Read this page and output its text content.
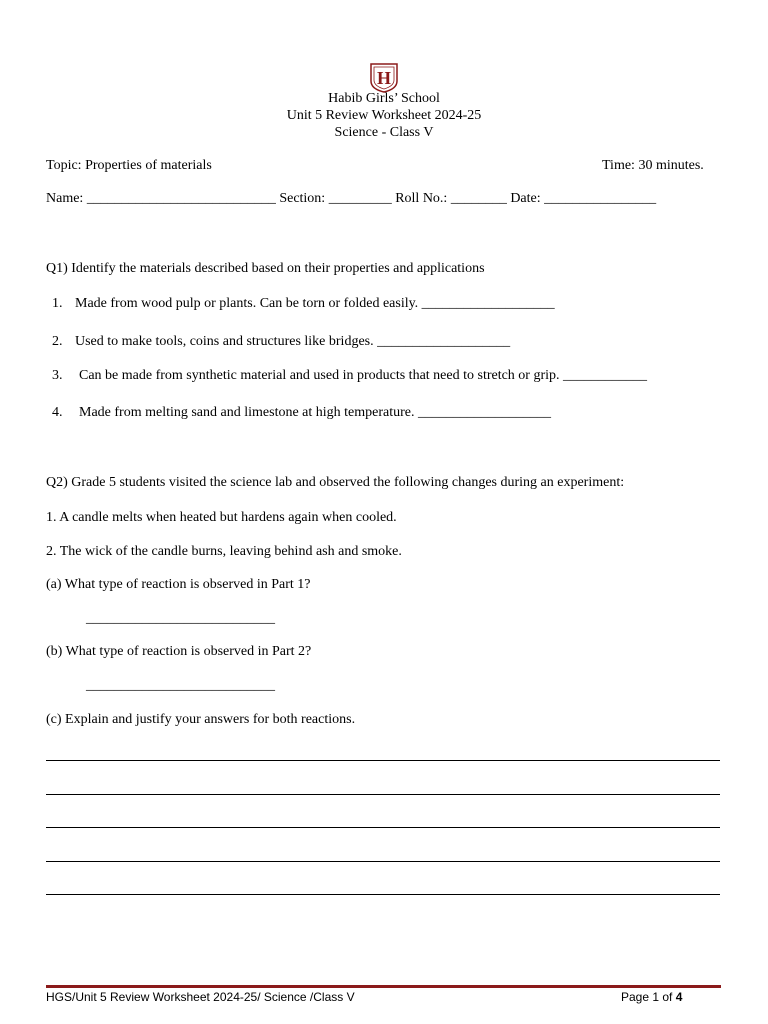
H
Habib Girls’ School
Unit 5 Review Worksheet 2024-25
Science - Class V
Topic: Properties of materials	Time: 30 minutes.
Name: ___________________________ Section: _________ Roll No.: ________ Date: ________________
Q1) Identify the materials described based on their properties and applications
1. Made from wood pulp or plants. Can be torn or folded easily. ___________________
2. Used to make tools, coins and structures like bridges. ___________________
3. Can be made from synthetic material and used in products that need to stretch or grip. ____________
4. Made from melting sand and limestone at high temperature. ___________________
Q2) Grade 5 students visited the science lab and observed the following changes during an experiment:
1. A candle melts when heated but hardens again when cooled.
2. The wick of the candle burns, leaving behind ash and smoke.
(a) What type of reaction is observed in Part 1?
___________________________
(b) What type of reaction is observed in Part 2?
___________________________
(c) Explain and justify your answers for both reactions.
HGS/Unit 5 Review Worksheet 2024-25/ Science /Class V	Page 1 of 4
